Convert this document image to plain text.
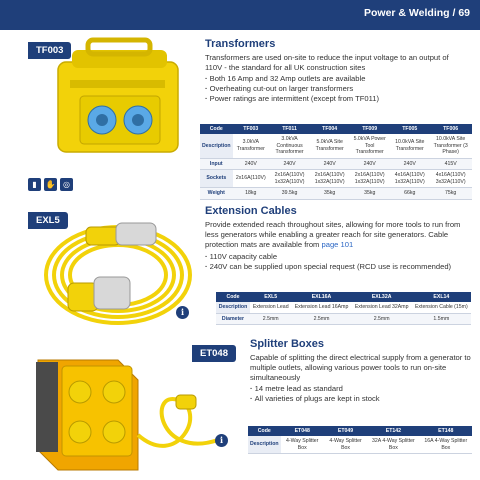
Power & Welding / 69
TF003
▮	✋ ◎
Transformers
Transformers are used on-site to reduce the input voltage to an output of 110V - the standard for all UK construction sites
· Both 16 Amp and 32 Amp outlets are available
· Overheating cut-out on larger transformers
· Power ratings are intermittent (except from TF011)
Code	TF003	TF011	TF004	TF009	TF005	TF006
Description	3.0kVA Transformer	3.0kVA Continuous Transformer	5.0kVA Site Transformer	5.0kVA Power Tool Transformer	10.0kVA Site Transformer	10.0kVA Site Transformer (3 Phase)
Input	240V	240V	240V	240V	240V	415V
Sockets	2x16A(110V)	2x16A(110V) 1x32A(110V)	2x16A(110V) 1x32A(110V)	2x16A(110V) 1x32A(110V)	4x16A(110V) 1x32A(110V)	4x16A(110V) 3x32A(110V)
Weight	18kg	39.5kg	35kg	35kg	66kg	75kg
EXL5
Extension Cables
Provide extended reach throughout sites, allowing for more tools to run from less generators while enabling a greater reach for site generators. Cable protection mats are available from page 101
· 110V capacity cable
· 240V can be supplied upon special request (RCD use is recommended)
Code	EXL5	EXL16A	EXL32A	EXL14
Description	Extension Lead	Extension Lead 16Amp	Extension Lead 32Amp	Extension Cable (15m)
Diameter	2.5mm	2.5mm	2.5mm	1.5mm
i
ET048
Splitter Boxes
Capable of splitting the direct electrical supply from a generator to multiple outlets, allowing various power tools to run on-site simultaneously
· 14 metre lead as standard
· All varieties of plugs are kept in stock
Code	ET048	ET049	ET142	ET148
Description	4-Way Splitter Box	4-Way Splitter Box	32A 4-Way Splitter Box	16A 4-Way Splitter Box
i
